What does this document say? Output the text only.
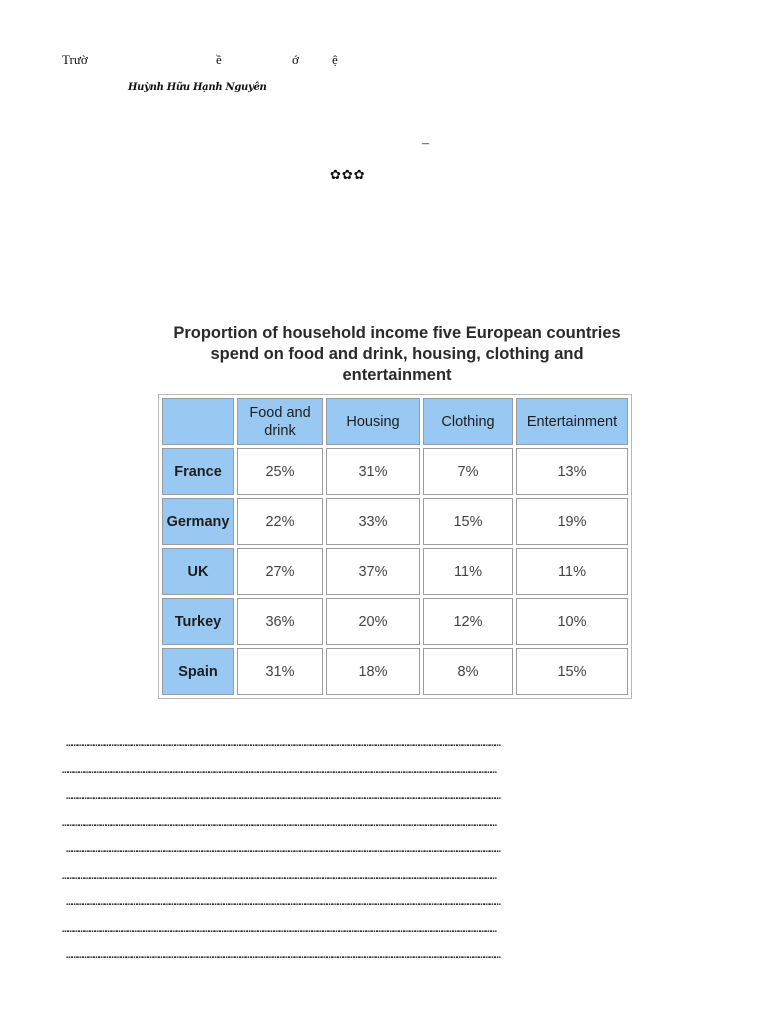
Trườ	ề	ớ	ệ
Huỳnh Hữu Hạnh Nguyên
–
✿✿✿
Proportion of household income five European countries spend on food and drink, housing, clothing and entertainment
	Food and drink	Housing	Clothing	Entertainment
France	25%	31%	7%	13%
Germany	22%	33%	15%	19%
UK	27%	37%	11%	11%
Turkey	36%	20%	12%	10%
Spain	31%	18%	8%	15%
……………………………………………………………………………………………………………………………………………………………………………………………………………………
……………………………………………………………………………………………………………………………………………………………………………………………………………………
……………………………………………………………………………………………………………………………………………………………………………………………………………………
……………………………………………………………………………………………………………………………………………………………………………………………………………………
……………………………………………………………………………………………………………………………………………………………………………………………………………………
……………………………………………………………………………………………………………………………………………………………………………………………………………………
……………………………………………………………………………………………………………………………………………………………………………………………………………………
……………………………………………………………………………………………………………………………………………………………………………………………………………………
……………………………………………………………………………………………………………………………………………………………………………………………………………………
